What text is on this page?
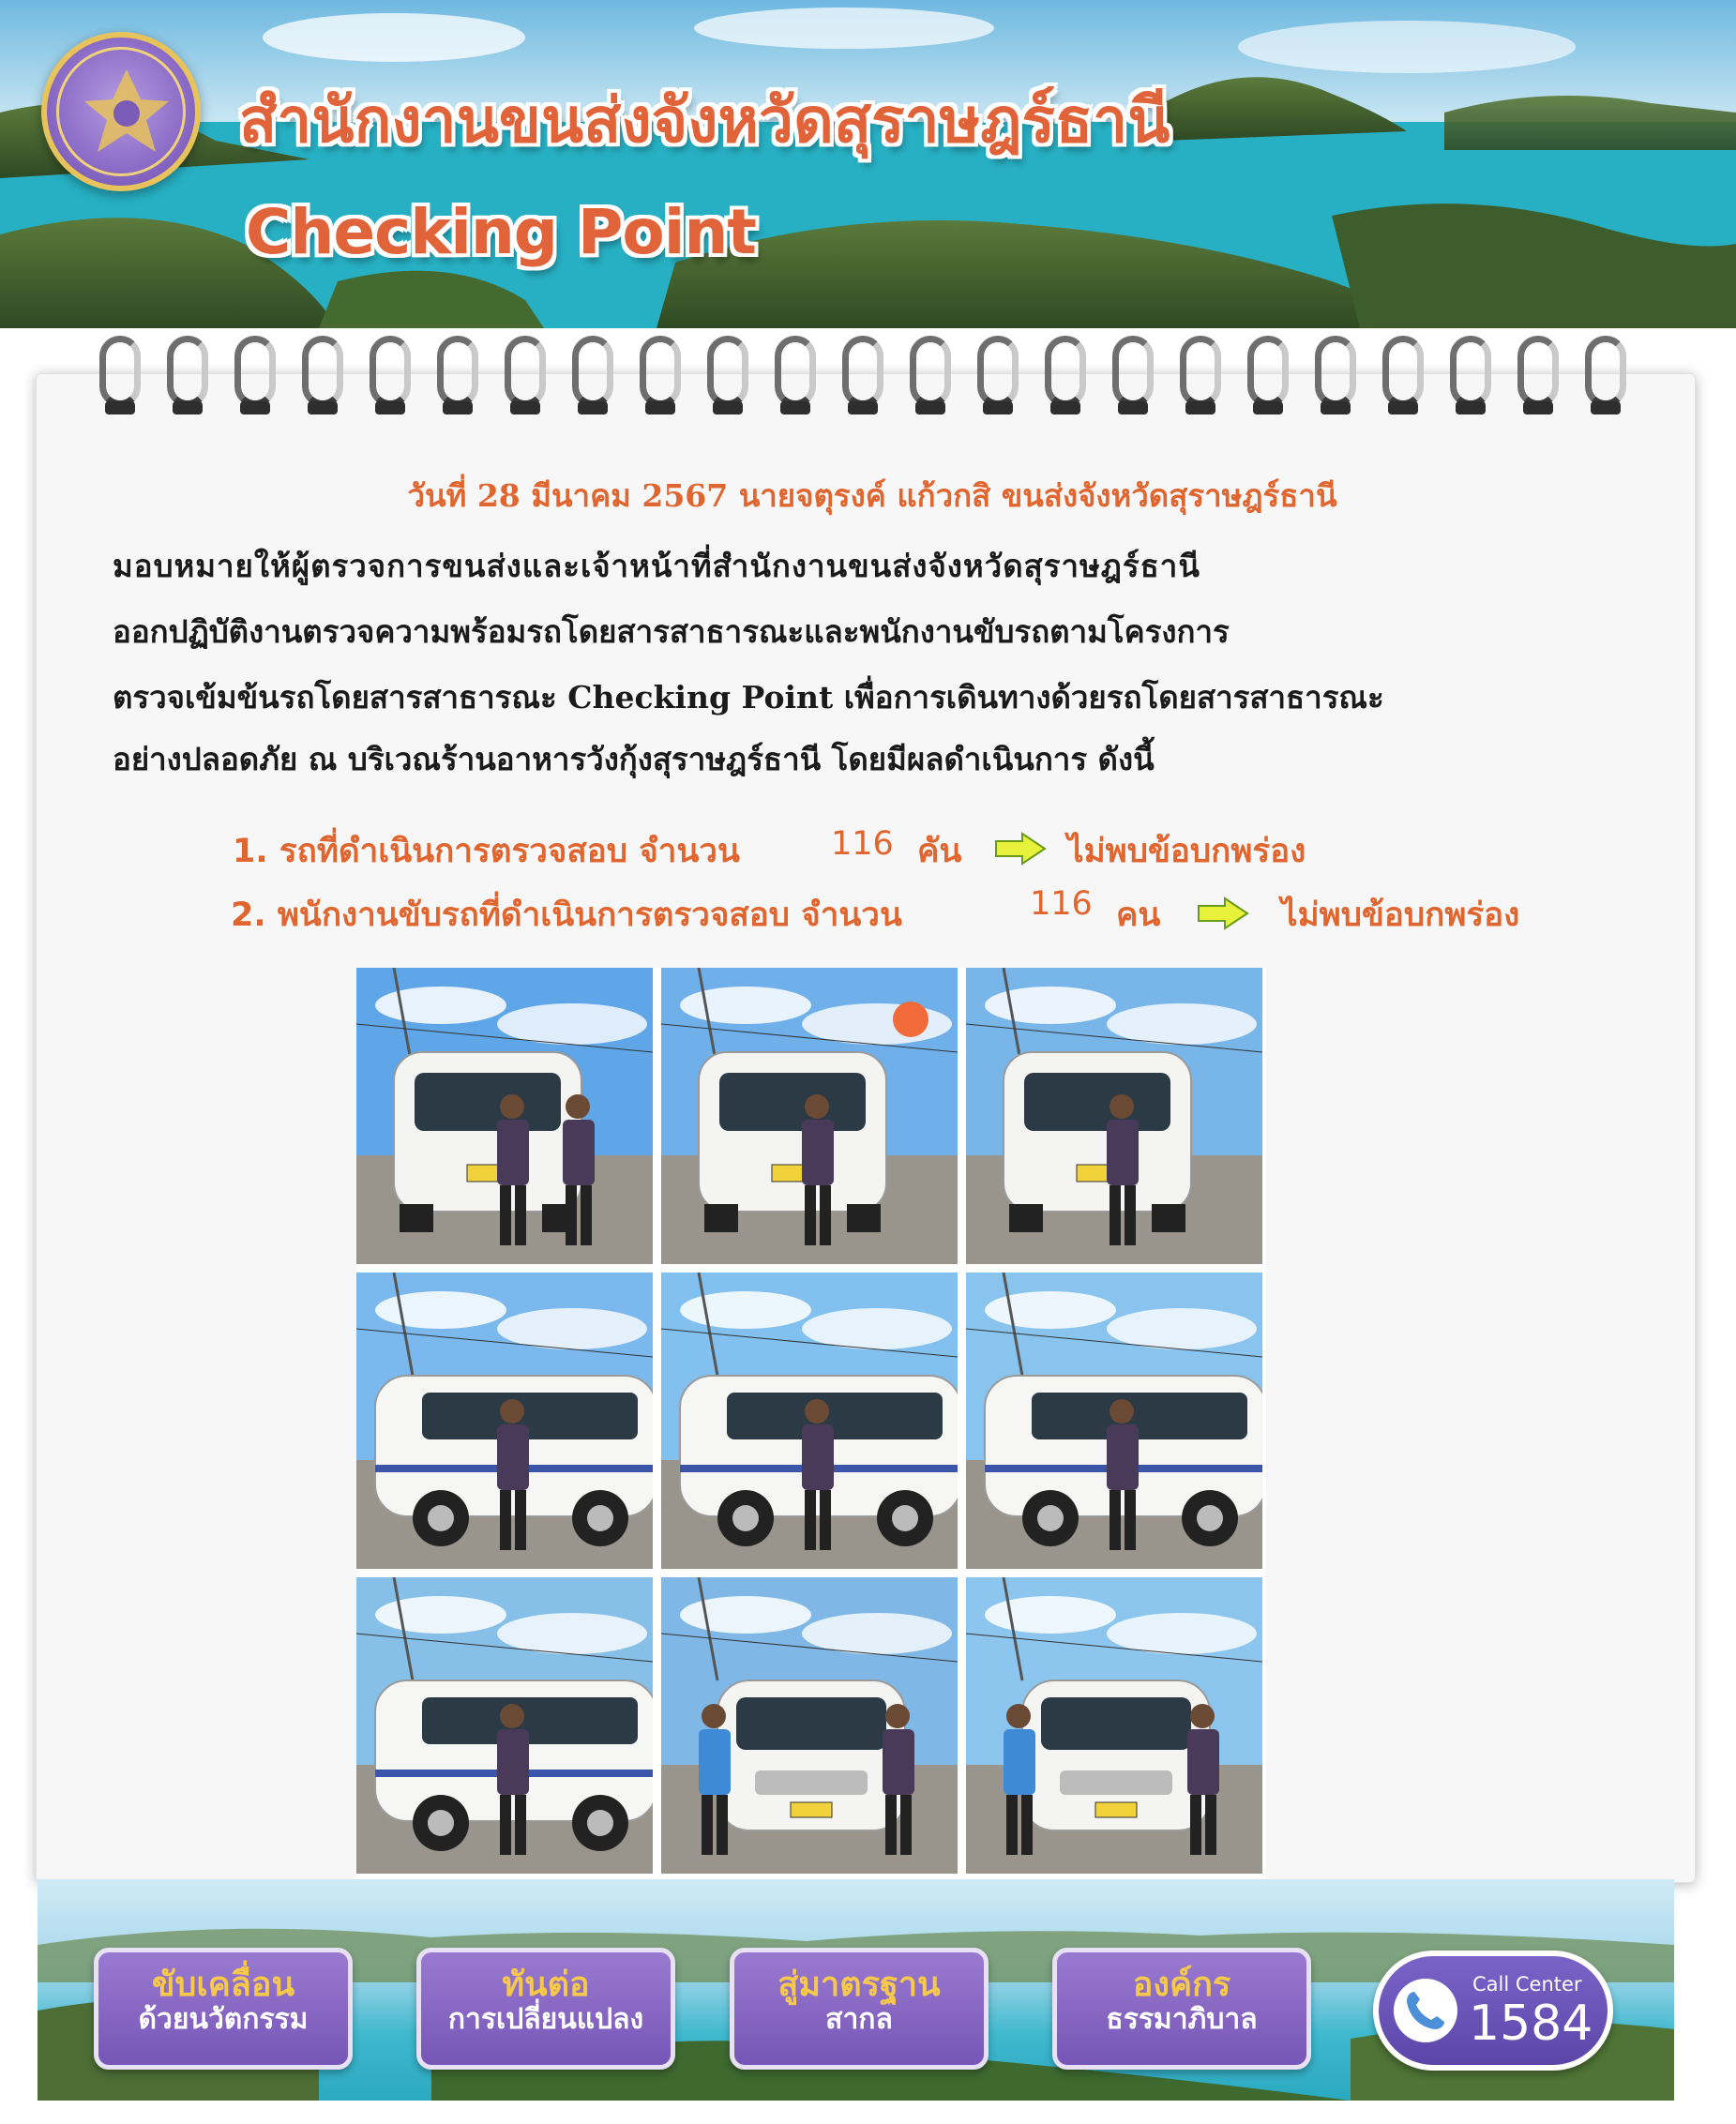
สำนักงานขนส่งจังหวัดสุราษฎร์ธานี
Checking Point
วันที่ 28 มีนาคม 2567 นายจตุรงค์ แก้วกสิ ขนส่งจังหวัดสุราษฎร์ธานี
มอบหมายให้ผู้ตรวจการขนส่งและเจ้าหน้าที่สำนักงานขนส่งจังหวัดสุราษฎร์ธานี
ออกปฏิบัติงานตรวจความพร้อมรถโดยสารสาธารณะและพนักงานขับรถตามโครงการ
ตรวจเข้มข้นรถโดยสารสาธารณะ Checking Point เพื่อการเดินทางด้วยรถโดยสารสาธารณะ
อย่างปลอดภัย ณ บริเวณร้านอาหารวังกุ้งสุราษฎร์ธานี โดยมีผลดำเนินการ ดังนี้
1. รถที่ดำเนินการตรวจสอบ จำนวน	116 คัน	ไม่พบข้อบกพร่อง
2. พนักงานขับรถที่ดำเนินการตรวจสอบ จำนวน	116 คน	ไม่พบข้อบกพร่อง
ขับเคลื่อน
ด้วยนวัตกรรม
ทันต่อ
การเปลี่ยนแปลง
สู่มาตรฐาน
สากล
องค์กร
ธรรมาภิบาล
Call Center
1584
